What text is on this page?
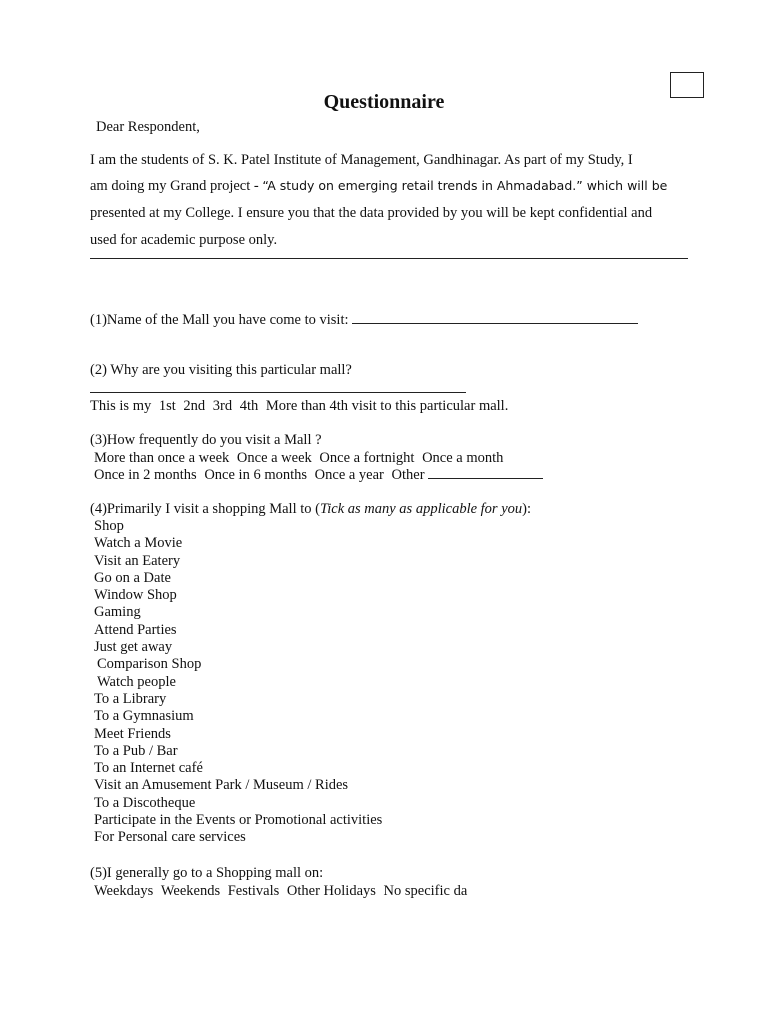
Questionnaire
Dear Respondent,
I am the students of S. K. Patel Institute of Management, Gandhinagar. As part of my Study, I
am doing my Grand project - “A study on emerging retail trends in Ahmadabad.” which will be
presented at my College. I ensure you that the data provided by you will be kept confidential and
used for academic purpose only.
(1)Name of the Mall you have come to visit:
(2) Why are you visiting this particular mall?
This is my 1st 2nd 3rd 4th More than 4th visit to this particular mall.
(3)How frequently do you visit a Mall ?
More than once a week Once a week Once a fortnight Once a month
Once in 2 months Once in 6 months Once a year Other
(4)Primarily I visit a shopping Mall to (Tick as many as applicable for you):
Shop
Watch a Movie
Visit an Eatery
Go on a Date
Window Shop
Gaming
Attend Parties
Just get away
Comparison Shop
Watch people
To a Library
To a Gymnasium
Meet Friends
To a Pub / Bar
To an Internet café
Visit an Amusement Park / Museum / Rides
To a Discotheque
Participate in the Events or Promotional activities
For Personal care services
(5)I generally go to a Shopping mall on:
Weekdays Weekends Festivals Other Holidays No specific da
